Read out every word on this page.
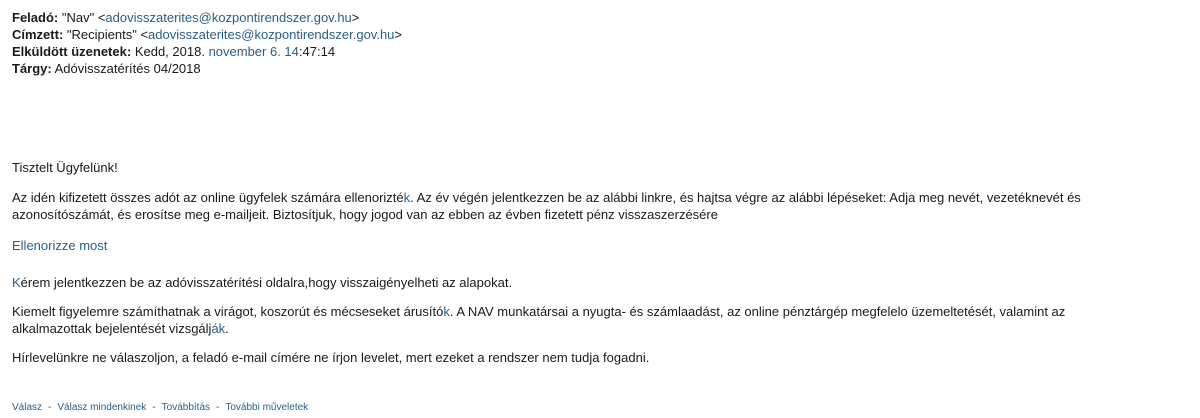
Feladó: "Nav" <adovisszaterites@kozpontirendszer.gov.hu>
Címzett: "Recipients" <adovisszaterites@kozpontirendszer.gov.hu>
Elküldött üzenetek: Kedd, 2018. november 6. 14:47:14
Tárgy: Adóvisszatérítés 04/2018

Tisztelt Ügyfelünk!

Az idén kifizetett összes adót az online ügyfelek számára ellenorizték. Az év végén jelentkezzen be az alábbi linkre, és hajtsa végre az alábbi lépéseket: Adja meg nevét, vezetéknevét és azonosítószámát, és erosítse meg e-mailjeit. Biztosítjuk, hogy jogod van az ebben az évben fizetett pénz visszaszerzésére

Ellenorizze most

Kérem jelentkezzen be az adóvisszatérítési oldalra,hogy visszaigényelheti az alapokat.

Kiemelt figyelemre számíthatnak a virágot, koszorút és mécseseket árusítók. A NAV munkatársai a nyugta- és számlaadást, az online pénztárgép megfelelo üzemeltetését, valamint az alkalmazottak bejelentését vizsgálják.

Hírlevelünkre ne válaszoljon, a feladó e-mail címére ne írjon levelet, mert ezeket a rendszer nem tudja fogadni.

Válasz - Válasz mindenkinek - Továbbítás - További műveletek
